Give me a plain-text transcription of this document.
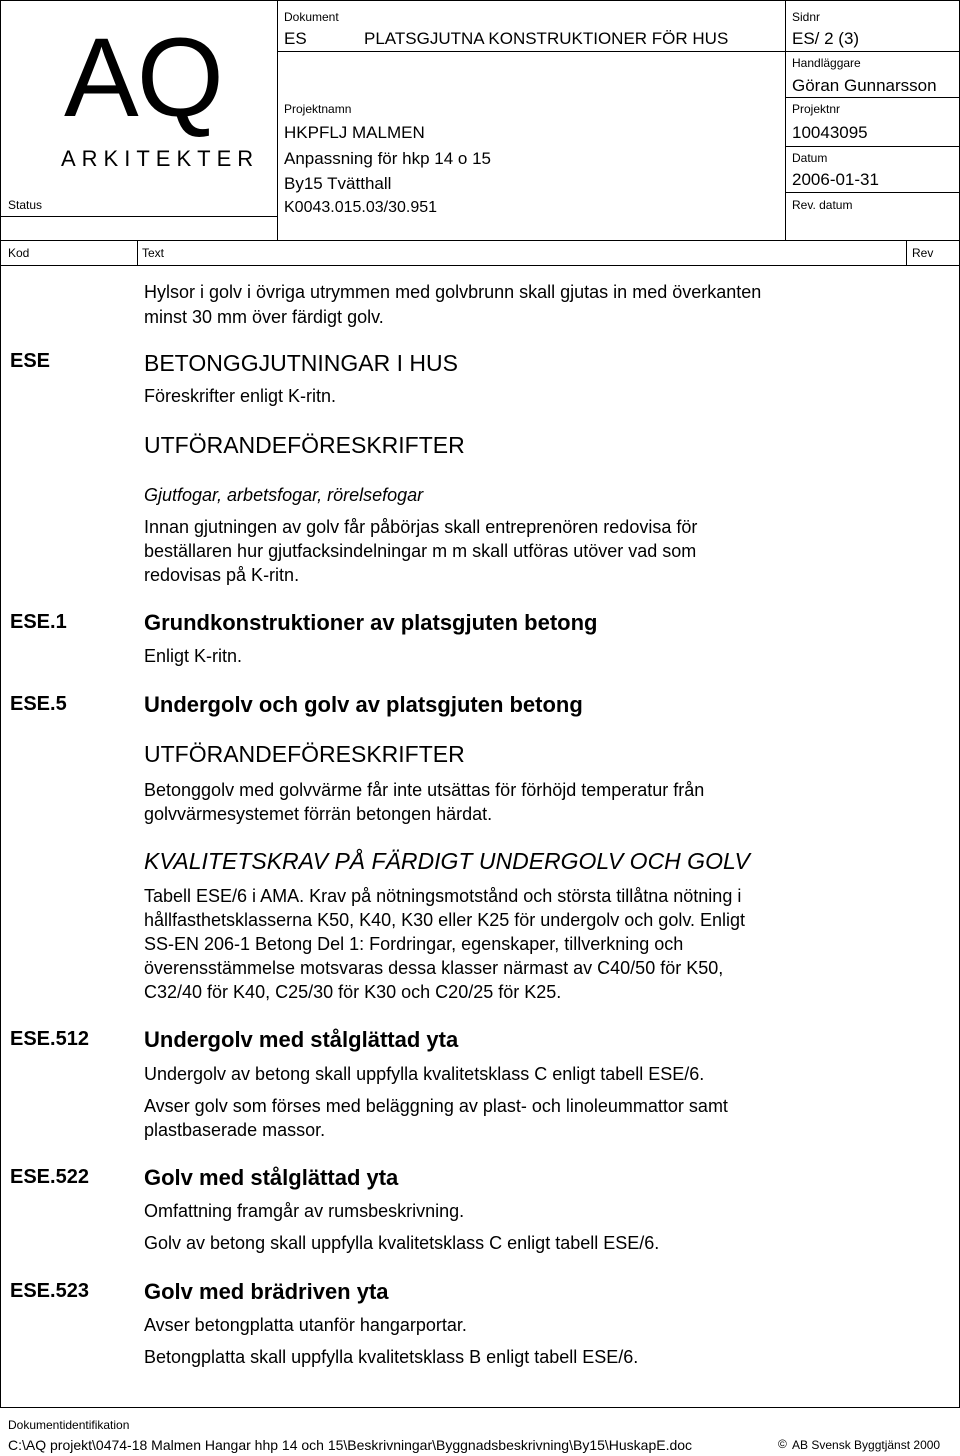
AQ
ARKITEKTER
Status
Dokument
ES	PLATSGJUTNA KONSTRUKTIONER FÖR HUS
Projektnamn
HKPFLJ MALMEN
Anpassning för hkp 14 o 15
By15 Tvätthall
K0043.015.03/30.951
Sidnr
ES/ 2 (3)
Handläggare
Göran Gunnarsson
Projektnr
10043095
Datum
2006-01-31
Rev. datum
Kod	Text	Rev
Hylsor i golv i övriga utrymmen med golvbrunn skall gjutas in med överkanten
minst 30 mm över färdigt golv.
ESE	BETONGGJUTNINGAR I HUS
Föreskrifter enligt K-ritn.
UTFÖRANDEFÖRESKRIFTER
Gjutfogar, arbetsfogar, rörelsefogar
Innan gjutningen av golv får påbörjas skall entreprenören redovisa för
beställaren hur gjutfacksindelningar m m skall utföras utöver vad som
redovisas på K-ritn.
ESE.1	Grundkonstruktioner av platsgjuten betong
Enligt K-ritn.
ESE.5	Undergolv och golv av platsgjuten betong
UTFÖRANDEFÖRESKRIFTER
Betonggolv med golvvärme får inte utsättas för förhöjd temperatur från
golvvärmesystemet förrän betongen härdat.
KVALITETSKRAV PÅ FÄRDIGT UNDERGOLV OCH GOLV
Tabell ESE/6 i AMA. Krav på nötningsmotstånd och största tillåtna nötning i
hållfasthetsklasserna K50, K40, K30 eller K25 för undergolv och golv. Enligt
SS-EN 206-1 Betong Del 1: Fordringar, egenskaper, tillverkning och
överensstämmelse motsvaras dessa klasser närmast av C40/50 för K50,
C32/40 för K40, C25/30 för K30 och C20/25 för K25.
ESE.512	Undergolv med stålglättad yta
Undergolv av betong skall uppfylla kvalitetsklass C enligt tabell ESE/6.
Avser golv som förses med beläggning av plast- och linoleummattor samt
plastbaserade massor.
ESE.522	Golv med stålglättad yta
Omfattning framgår av rumsbeskrivning.
Golv av betong skall uppfylla kvalitetsklass C enligt tabell ESE/6.
ESE.523	Golv med brädriven yta
Avser betongplatta utanför hangarportar.
Betongplatta skall uppfylla kvalitetsklass B enligt tabell ESE/6.
Dokumentidentifikation
C:\AQ projekt\0474-18 Malmen Hangar hhp 14 och 15\Beskrivningar\Byggnadsbeskrivning\By15\HuskapE.doc	© AB Svensk Byggtjänst 2000
